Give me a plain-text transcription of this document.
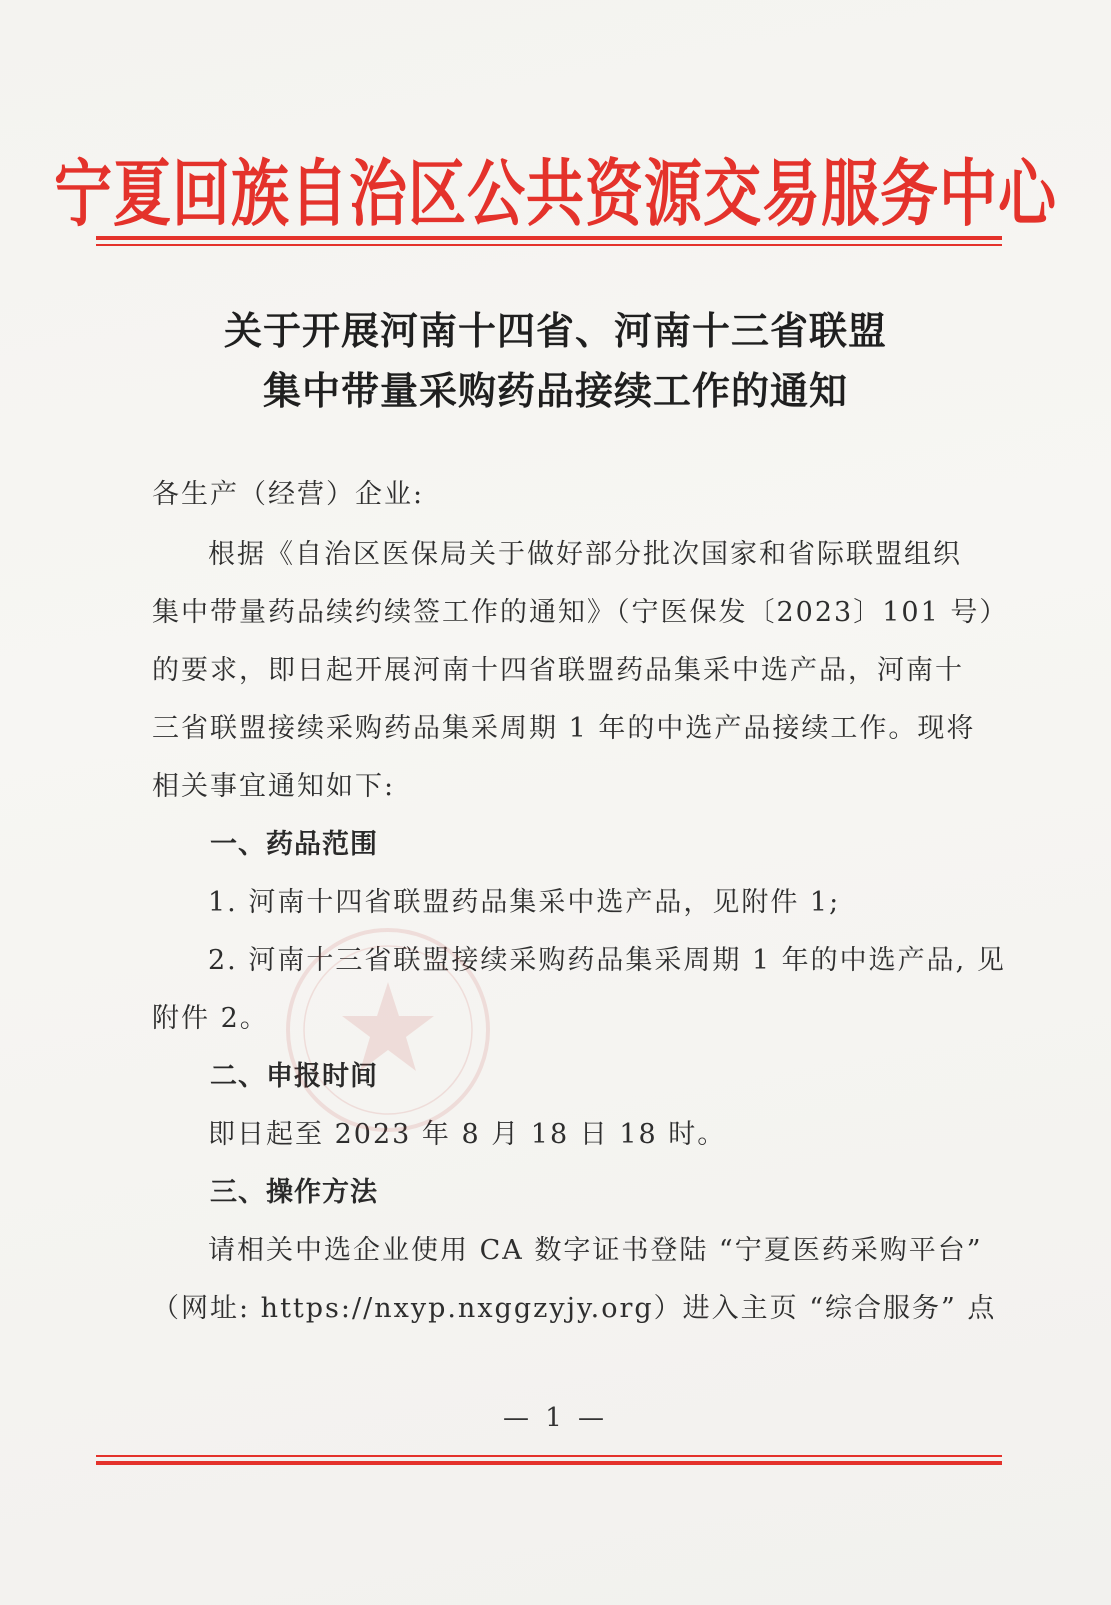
宁夏回族自治区公共资源交易服务中心
关于开展河南十四省、河南十三省联盟
集中带量采购药品接续工作的通知
各生产（经营）企业:
根据《自治区医保局关于做好部分批次国家和省际联盟组织
集中带量药品续约续签工作的通知》（宁医保发〔2023〕101 号）
的要求，即日起开展河南十四省联盟药品集采中选产品，河南十
三省联盟接续采购药品集采周期 1 年的中选产品接续工作。现将
相关事宜通知如下:
一、药品范围
1. 河南十四省联盟药品集采中选产品，见附件 1;
2. 河南十三省联盟接续采购药品集采周期 1 年的中选产品, 见
附件 2。
二、申报时间
即日起至 2023 年 8 月 18 日 18 时。
三、操作方法
请相关中选企业使用 CA 数字证书登陆 “宁夏医药采购平台”
（网址: https://nxyp.nxggzyjy.org）进入主页 “综合服务” 点
— 1 —
